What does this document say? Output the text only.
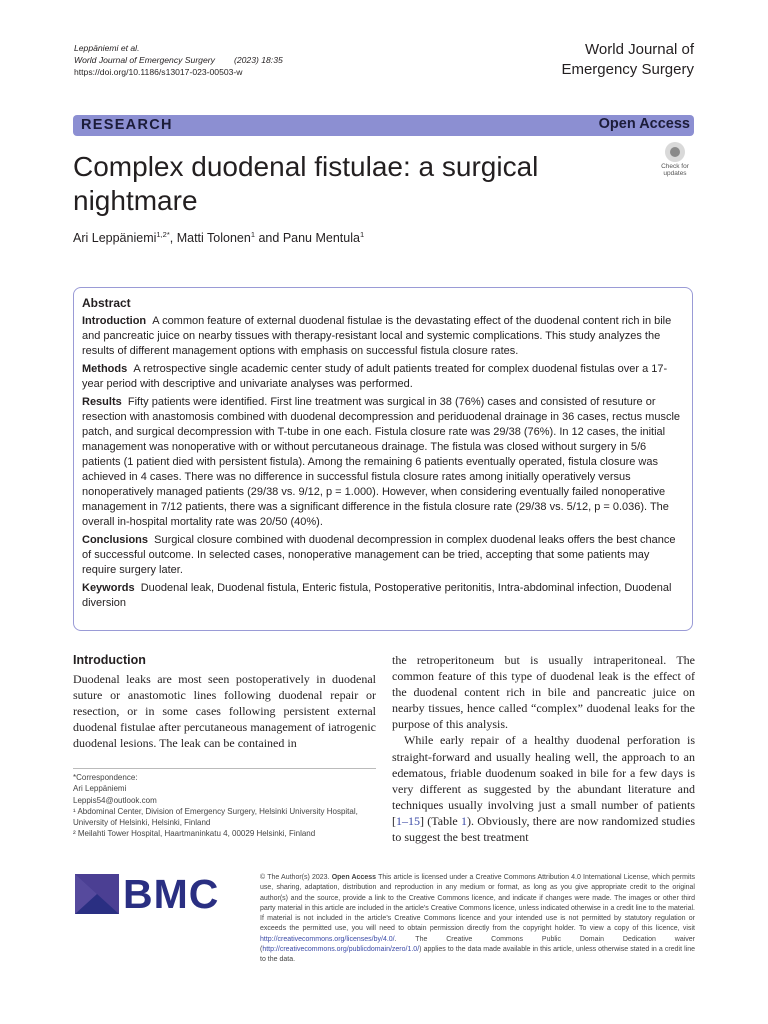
Leppäniemi et al.
World Journal of Emergency Surgery (2023) 18:35
https://doi.org/10.1186/s13017-023-00503-w
World Journal of
Emergency Surgery
RESEARCH	Open Access
Complex duodenal fistulae: a surgical
nightmare
Check for
updates
Ari Leppäniemi$^{1,2*}$, Matti Tolonen$^1$ and Panu Mentula$^1$
Abstract

Introduction A common feature of external duodenal fistulae is the devastating effect of the duodenal content rich in bile and pancreatic juice on nearby tissues with therapy-resistant local and systemic complications. This study analyzes the results of different management options with emphasis on successful fistula closure rates.

Methods A retrospective single academic center study of adult patients treated for complex duodenal fistulas over a 17-year period with descriptive and univariate analyses was performed.

Results Fifty patients were identified. First line treatment was surgical in 38 (76%) cases and consisted of resuture or resection with anastomosis combined with duodenal decompression and periduodenal drainage in 36 cases, rectus muscle patch, and surgical decompression with T-tube in one each. Fistula closure rate was 29/38 (76%). In 12 cases, the initial management was nonoperative with or without percutaneous drainage. The fistula was closed without surgery in 5/6 patients (1 patient died with persistent fistula). Among the remaining 6 patients eventually operated, fistula closure was achieved in 4 cases. There was no difference in successful fistula closure rates among initially operatively versus nonoperatively managed patients (29/38 vs. 9/12, p = 1.000). However, when considering eventually failed nonoperative management in 7/12 patients, there was a significant difference in the fistula closure rate (29/38 vs. 5/12, p = 0.036). The overall in-hospital mortality rate was 20/50 (40%).

Conclusions Surgical closure combined with duodenal decompression in complex duodenal leaks offers the best chance of successful outcome. In selected cases, nonoperative management can be tried, accepting that some patients may require surgery later.

Keywords Duodenal leak, Duodenal fistula, Enteric fistula, Postoperative peritonitis, Intra-abdominal infection, Duodenal diversion

Introduction

Duodenal leaks are most seen postoperatively in duodenal suture or anastomotic lines following duodenal repair or resection, or in some cases following persistent external duodenal fistulae after percutaneous management of iatrogenic duodenal lesions. The leak can be contained in

*Correspondence:
Ari Leppäniemi
Leppis54@outlook.com
¹ Abdominal Center, Division of Emergency Surgery, Helsinki University Hospital, University of Helsinki, Helsinki, Finland
² Meilahti Tower Hospital, Haartmaninkatu 4, 00029 Helsinki, Finland

the retroperitoneum but is usually intraperitoneal. The common feature of this type of duodenal leak is the effect of the duodenal content rich in bile and pancreatic juice on nearby tissues, hence called “complex” duodenal leaks for the purpose of this analysis.

While early repair of a healthy duodenal perforation is straight-forward and usually healing well, the approach to an edematous, friable duodenum soaked in bile for a few days is very different as suggested by the abundant literature and techniques usually involving just a small number of patients [1–15] (Table 1). Obviously, there are now randomized studies to suggest the best treatment

BMC	© The Author(s) 2023. Open Access This article is licensed under a Creative Commons Attribution 4.0 International License, which permits use, sharing, adaptation, distribution and reproduction in any medium or format, as long as you give appropriate credit to the original author(s) and the source, provide a link to the Creative Commons licence, and indicate if changes were made. The images or other third party material in this article are included in the article’s Creative Commons licence, unless indicated otherwise in a credit line to the material. If material is not included in the article’s Creative Commons licence and your intended use is not permitted by statutory regulation or exceeds the permitted use, you will need to obtain permission directly from the copyright holder. To view a copy of this licence, visit http://creativecommons.org/licenses/by/4.0/. The Creative Commons Public Domain Dedication waiver (http://creativecommons.org/publicdomain/zero/1.0/) applies to the data made available in this article, unless otherwise stated in a credit line to the data.
